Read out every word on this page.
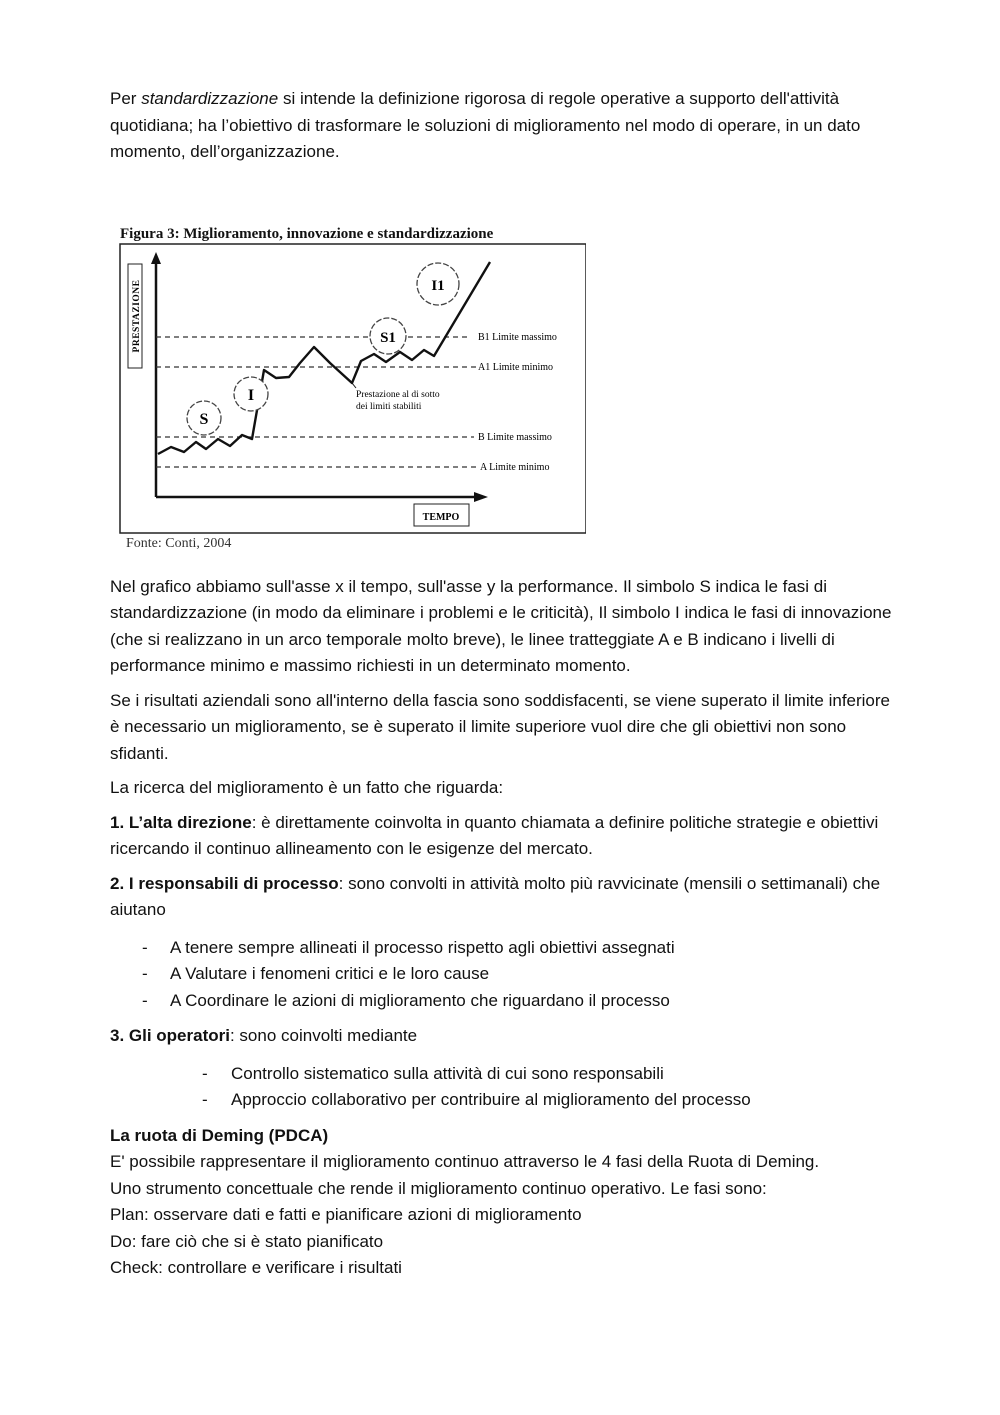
Per standardizzazione si intende la definizione rigorosa di regole operative a supporto dell'attività quotidiana; ha l’obiettivo di trasformare le soluzioni di miglioramento nel modo di operare, in un dato momento, dell’organizzazione.

Figura 3: Miglioramento, innovazione e standardizzazione
PRESTAZIONE	B1 Limite massimo
A1 Limite minimo
B Limite massimo
A Limite minimo
Prestazione al di sotto
dei limiti stabiliti
S
I
S1
I1
TEMPO
Fonte: Conti, 2004

Nel grafico abbiamo sull'asse x il tempo, sull'asse y la performance. Il simbolo S indica le fasi di standardizzazione (in modo da eliminare i problemi e le criticità), Il simbolo I indica le fasi di innovazione (che si realizzano in un arco temporale molto breve), le linee tratteggiate A e B indicano i livelli di performance minimo e massimo richiesti in un determinato momento.

Se i risultati aziendali sono all'interno della fascia sono soddisfacenti, se viene superato il limite inferiore è necessario un miglioramento, se è superato il limite superiore vuol dire che gli obiettivi non sono sfidanti.

La ricerca del miglioramento è un fatto che riguarda:

1. L’alta direzione: è direttamente coinvolta in quanto chiamata a definire politiche strategie e obiettivi ricercando il continuo allineamento con le esigenze del mercato.

2. I responsabili di processo: sono convolti in attività molto più ravvicinate (mensili o settimanali) che aiutano

- A tenere sempre allineati il processo rispetto agli obiettivi assegnati
- A Valutare i fenomeni critici e le loro cause
- A Coordinare le azioni di miglioramento che riguardano il processo

3. Gli operatori: sono coinvolti mediante

- Controllo sistematico sulla attività di cui sono responsabili
- Approccio collaborativo per contribuire al miglioramento del processo

La ruota di Deming (PDCA)

E' possibile rappresentare il miglioramento continuo attraverso le 4 fasi della Ruota di Deming.

Uno strumento concettuale che rende il miglioramento continuo operativo. Le fasi sono:

Plan: osservare dati e fatti e pianificare azioni di miglioramento

Do: fare ciò che si è stato pianificato

Check: controllare e verificare i risultati
